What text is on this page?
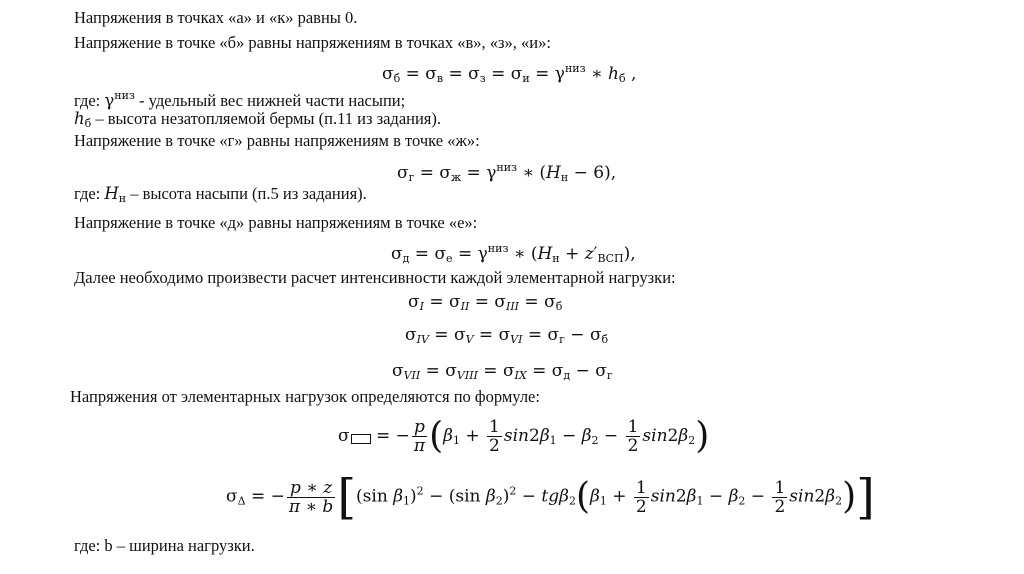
Напряжения в точках «а» и «к» равны 0.
Напряжение в точке «б» равны напряжениям в точках «в», «з», «и»:
$\sigma_б = \sigma_в = \sigma_з = \sigma_и = \gamma^{низ}$ ∗ $h_б$ ,
где: $\gamma^{низ}$ - удельный вес нижней части насыпи;
$h_б$ – высота незатопляемой бермы (п.11 из задания).
Напряжение в точке «г» равны напряжениям в точке «ж»:
$\sigma_г = \sigma_ж = \gamma^{низ}$ ∗ $(H_н - 6)$,
где: $H_н$ – высота насыпи (п.5 из задания).
Напряжение в точке «д» равны напряжениям в точке «е»:
$\sigma_д = \sigma_е = \gamma^{низ}$ ∗ $(H_н + z'_{ВСП})$,
Далее необходимо произвести расчет интенсивности каждой элементарной нагрузки:
$\sigma_I = \sigma_{II} = \sigma_{III} = \sigma_б$
$\sigma_{IV} = \sigma_V = \sigma_{VI} = \sigma_г - \sigma_б$
$\sigma_{VII} = \sigma_{VIII} = \sigma_{IX} = \sigma_д - \sigma_г$
Напряжения от элементарных нагрузок определяются по формуле:
σ = − $\frac{p}{\pi} (\beta_1 + \frac{1}{2} \sin 2\beta_1 - \beta_2 - \frac{1}{2} \sin 2\beta_2)$
$\sigma_\Delta$ = − $\frac{p ∗ z}{\pi ∗ b} [(\sin$ $\beta_1)^2 - (\sin$ $\beta_2)^2 - tg\beta_2(\beta_1 + \frac{1}{2} \sin 2\beta_1 - \beta_2 - \frac{1}{2} \sin 2\beta_2)$]
где: b – ширина нагрузки.
